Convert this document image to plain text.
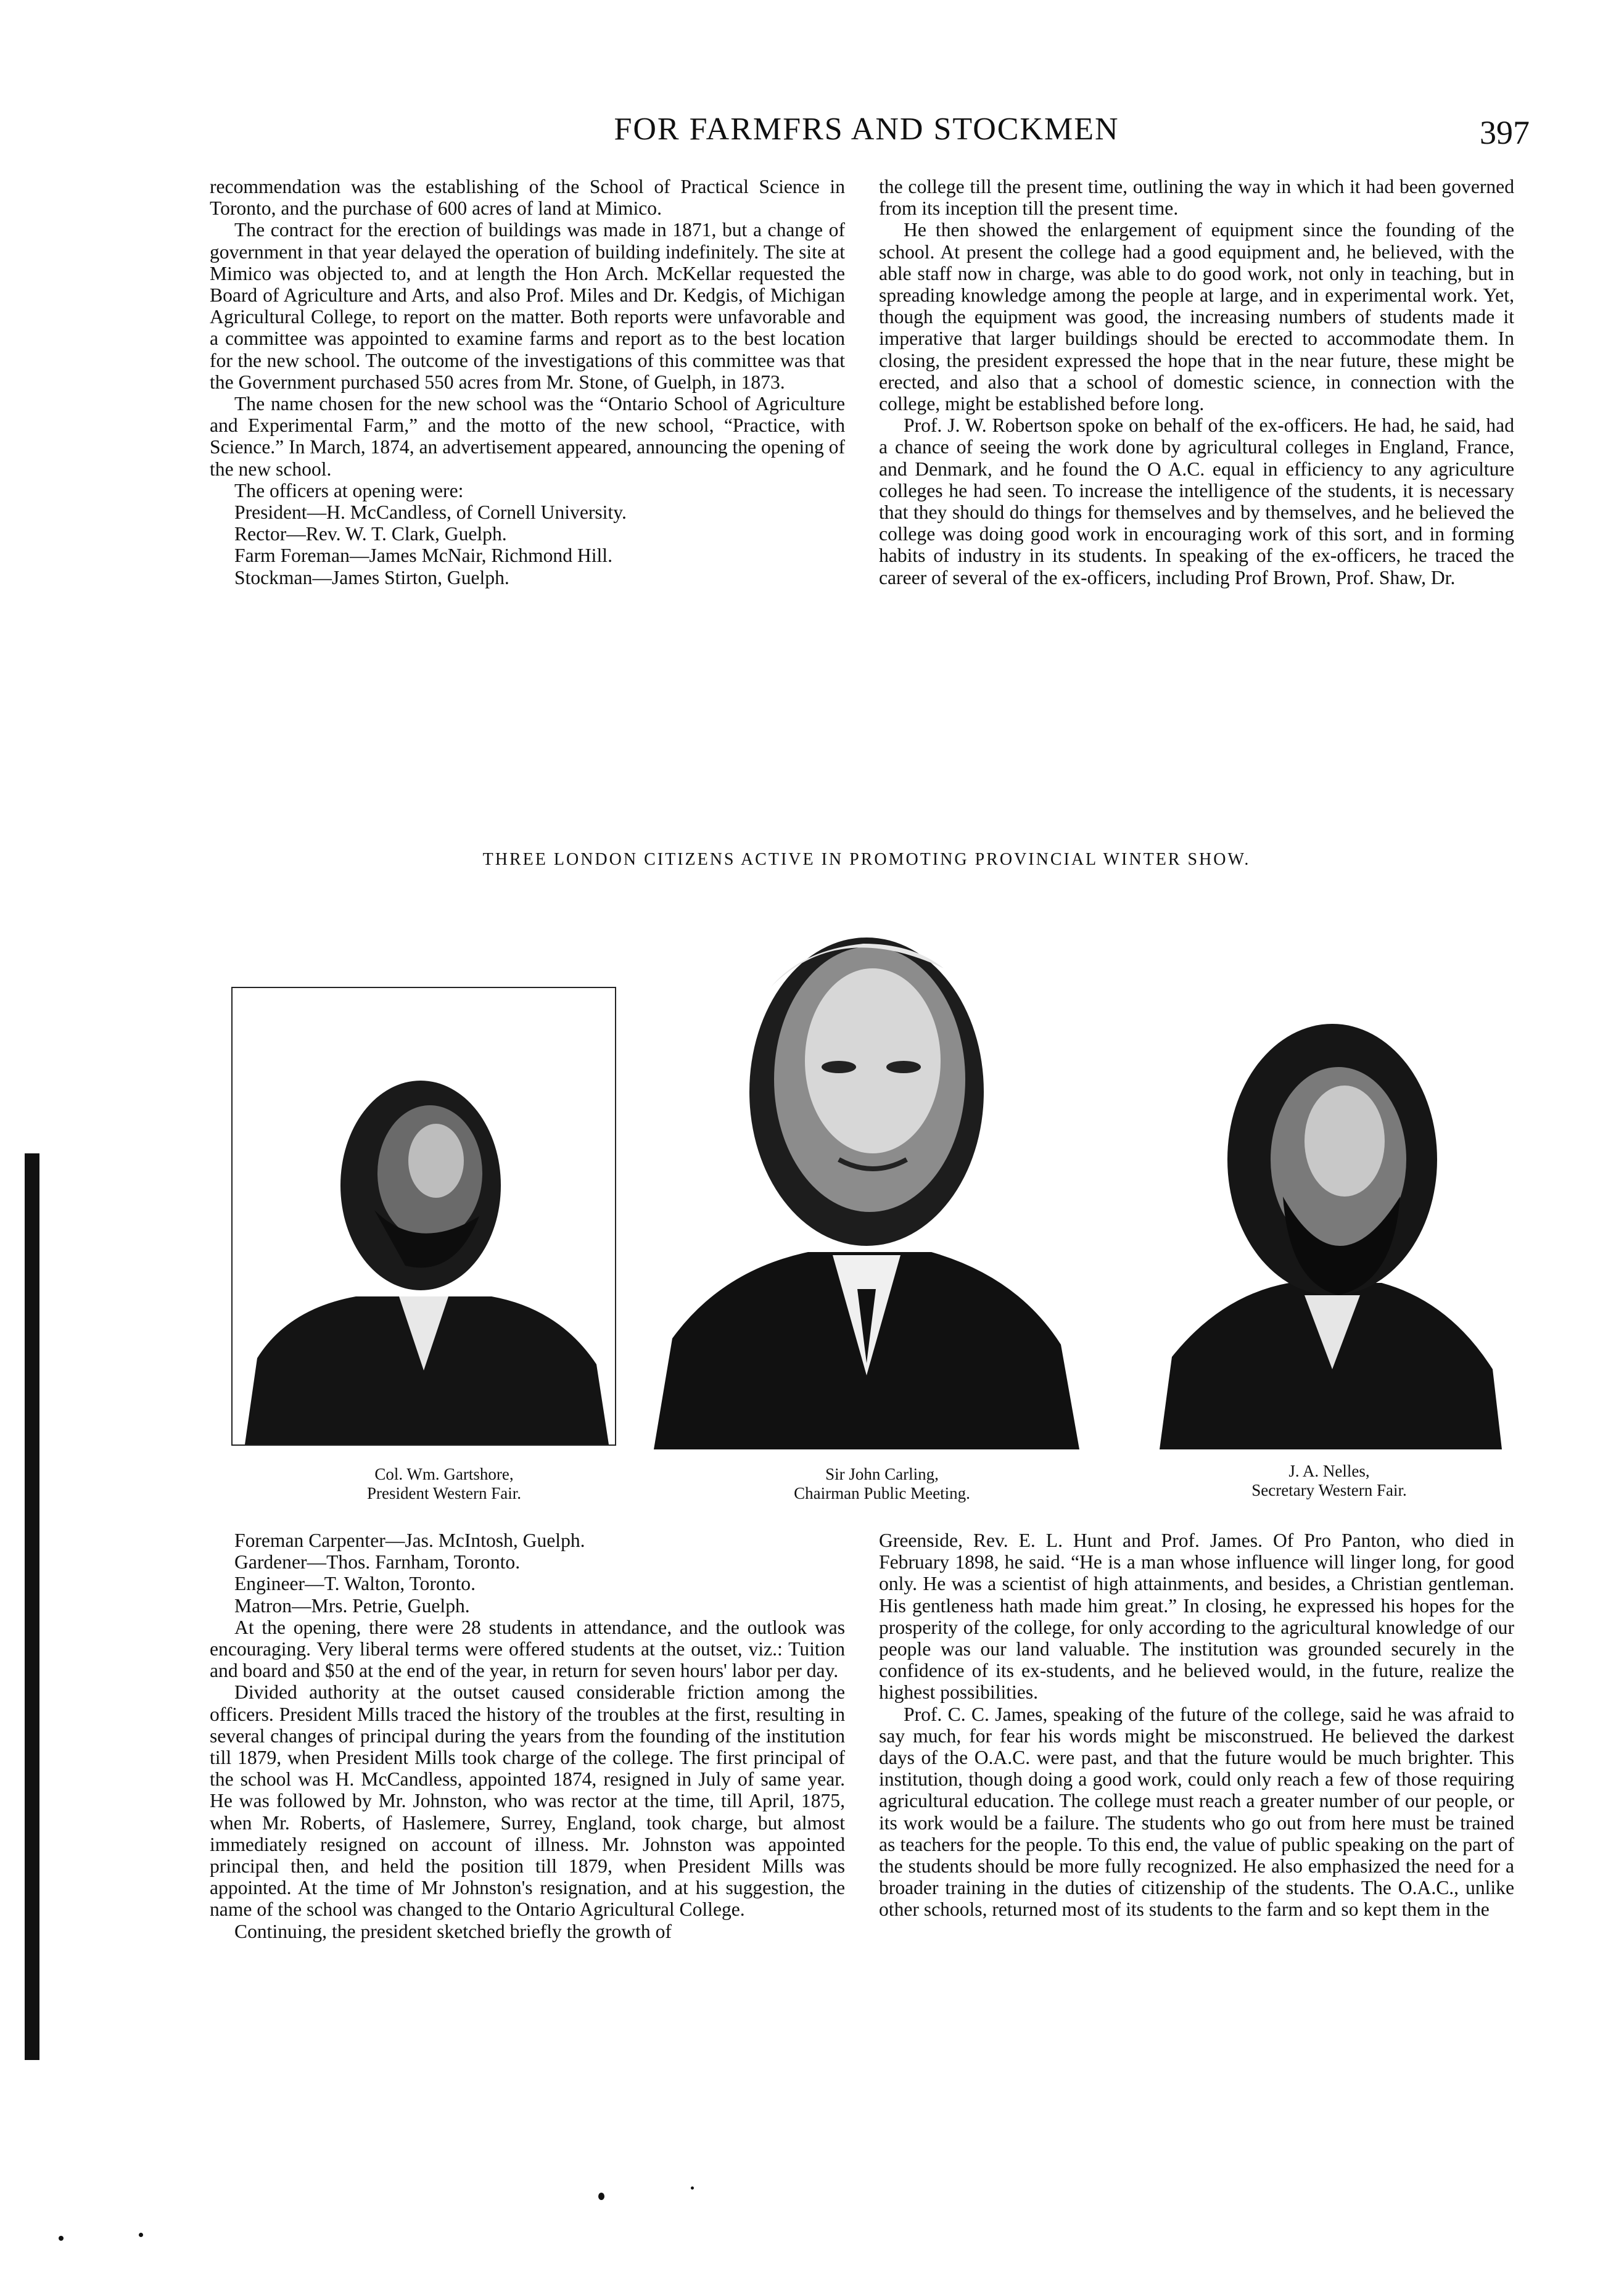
FOR FARMFRS AND STOCKMEN	397

recommendation was the establishing of the School of Practical Science in Toronto, and the purchase of 600 acres of land at Mimico.

The contract for the erection of buildings was made in 1871, but a change of government in that year delayed the operation of building indefinitely. The site at Mimico was objected to, and at length the Hon Arch. McKellar requested the Board of Agriculture and Arts, and also Prof. Miles and Dr. Kedgis, of Michigan Agricultural College, to report on the matter. Both reports were unfavorable and a committee was appointed to examine farms and report as to the best location for the new school. The outcome of the investigations of this committee was that the Government purchased 550 acres from Mr. Stone, of Guelph, in 1873.

The name chosen for the new school was the “Ontario School of Agriculture and Experimental Farm,” and the motto of the new school, “Practice, with Science.” In March, 1874, an advertisement appeared, announcing the opening of the new school.

The officers at opening were:

President—H. McCandless, of Cornell University.

Rector—Rev. W. T. Clark, Guelph.

Farm Foreman—James McNair, Richmond Hill.

Stockman—James Stirton, Guelph.

the college till the present time, outlining the way in which it had been governed from its inception till the present time.

He then showed the enlargement of equipment since the founding of the school. At present the college had a good equipment and, he believed, with the able staff now in charge, was able to do good work, not only in teaching, but in spreading knowledge among the people at large, and in experimental work. Yet, though the equipment was good, the increasing numbers of students made it imperative that larger buildings should be erected to accommodate them. In closing, the president expressed the hope that in the near future, these might be erected, and also that a school of domestic science, in connection with the college, might be established before long.

Prof. J. W. Robertson spoke on behalf of the ex-officers. He had, he said, had a chance of seeing the work done by agricultural colleges in England, France, and Denmark, and he found the O A.C. equal in efficiency to any agriculture colleges he had seen. To increase the intelligence of the students, it is necessary that they should do things for themselves and by themselves, and he believed the college was doing good work in encouraging work of this sort, and in forming habits of industry in its students. In speaking of the ex-officers, he traced the career of several of the ex-officers, including Prof Brown, Prof. Shaw, Dr.

THREE LONDON CITIZENS ACTIVE IN PROMOTING PROVINCIAL WINTER SHOW.
Col. Wm. Gartshore,
President Western Fair.
Sir John Carling,
Chairman Public Meeting.
J. A. Nelles,
Secretary Western Fair.

Foreman Carpenter—Jas. McIntosh, Guelph.

Gardener—Thos. Farnham, Toronto.

Engineer—T. Walton, Toronto.

Matron—Mrs. Petrie, Guelph.

At the opening, there were 28 students in attendance, and the outlook was encouraging. Very liberal terms were offered students at the outset, viz.: Tuition and board and $50 at the end of the year, in return for seven hours' labor per day.

Divided authority at the outset caused considerable friction among the officers. President Mills traced the history of the troubles at the first, resulting in several changes of principal during the years from the founding of the institution till 1879, when President Mills took charge of the college. The first principal of the school was H. McCandless, appointed 1874, resigned in July of same year. He was followed by Mr. Johnston, who was rector at the time, till April, 1875, when Mr. Roberts, of Haslemere, Surrey, England, took charge, but almost immediately resigned on account of illness. Mr. Johnston was appointed principal then, and held the position till 1879, when President Mills was appointed. At the time of Mr Johnston's resignation, and at his suggestion, the name of the school was changed to the Ontario Agricultural College.

Continuing, the president sketched briefly the growth of

Greenside, Rev. E. L. Hunt and Prof. James. Of Pro Panton, who died in February 1898, he said. “He is a man whose influence will linger long, for good only. He was a scientist of high attainments, and besides, a Christian gentleman. His gentleness hath made him great.” In closing, he expressed his hopes for the prosperity of the college, for only according to the agricultural knowledge of our people was our land valuable. The institution was grounded securely in the confidence of its ex-students, and he believed would, in the future, realize the highest possibilities.

Prof. C. C. James, speaking of the future of the college, said he was afraid to say much, for fear his words might be misconstrued. He believed the darkest days of the O.A.C. were past, and that the future would be much brighter. This institution, though doing a good work, could only reach a few of those requiring agricultural education. The college must reach a greater number of our people, or its work would be a failure. The students who go out from here must be trained as teachers for the people. To this end, the value of public speaking on the part of the students should be more fully recognized. He also emphasized the need for a broader training in the duties of citizenship of the students. The O.A.C., unlike other schools, returned most of its students to the farm and so kept them in the
